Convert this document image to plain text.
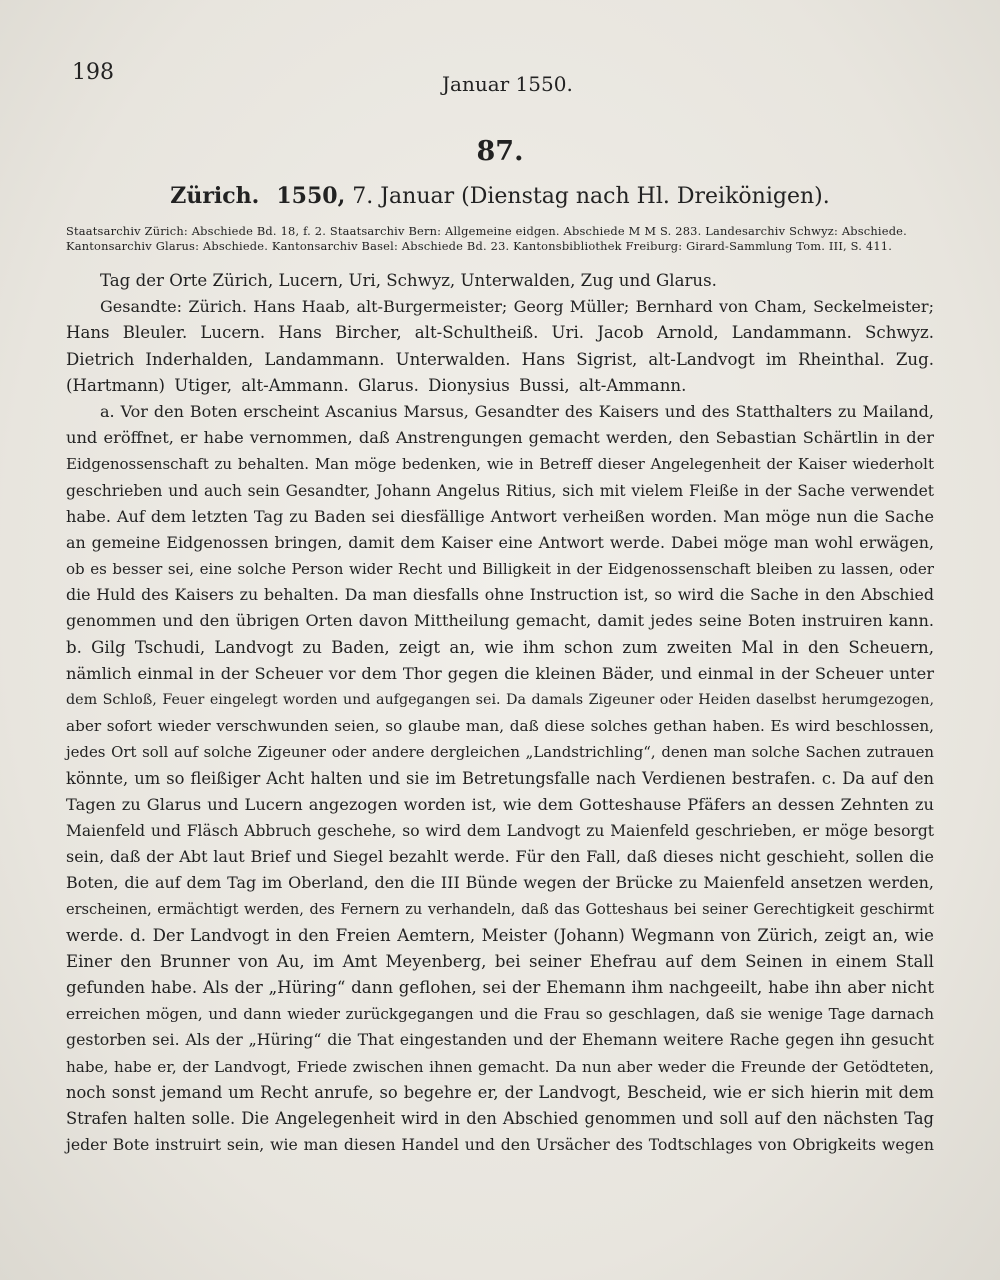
198	Januar 1550.
87.
Zürich. 1550, 7. Januar (Dienstag nach Hl. Dreikönigen).

Staatsarchiv Zürich: Abschiede Bd. 18, f. 2. Staatsarchiv Bern: Allgemeine eidgen. Abschiede M M S. 283. Landesarchiv Schwyz: Abschiede.

Kantonsarchiv Glarus: Abschiede. Kantonsarchiv Basel: Abschiede Bd. 23. Kantonsbibliothek Freiburg: Girard-Sammlung Tom. III, S. 411.

Tag der Orte Zürich, Lucern, Uri, Schwyz, Unterwalden, Zug und Glarus.

Gesandte: Zürich. Hans Haab, alt-Burgermeister; Georg Müller; Bernhard von Cham, Seckelmeister;

Hans Bleuler. Lucern. Hans Bircher, alt-Schultheiß. Uri. Jacob Arnold, Landammann. Schwyz.

Dietrich Inderhalden, Landammann. Unterwalden. Hans Sigrist, alt-Landvogt im Rheinthal. Zug.

(Hartmann) Utiger, alt-Ammann. Glarus. Dionysius Bussi, alt-Ammann.

a. Vor den Boten erscheint Ascanius Marsus, Gesandter des Kaisers und des Statthalters zu Mailand,

und eröffnet, er habe vernommen, daß Anstrengungen gemacht werden, den Sebastian Schärtlin in der

Eidgenossenschaft zu behalten. Man möge bedenken, wie in Betreff dieser Angelegenheit der Kaiser wiederholt

geschrieben und auch sein Gesandter, Johann Angelus Ritius, sich mit vielem Fleiße in der Sache verwendet

habe. Auf dem letzten Tag zu Baden sei diesfällige Antwort verheißen worden. Man möge nun die Sache

an gemeine Eidgenossen bringen, damit dem Kaiser eine Antwort werde. Dabei möge man wohl erwägen,

ob es besser sei, eine solche Person wider Recht und Billigkeit in der Eidgenossenschaft bleiben zu lassen, oder

die Huld des Kaisers zu behalten. Da man diesfalls ohne Instruction ist, so wird die Sache in den Abschied

genommen und den übrigen Orten davon Mittheilung gemacht, damit jedes seine Boten instruiren kann.

b. Gilg Tschudi, Landvogt zu Baden, zeigt an, wie ihm schon zum zweiten Mal in den Scheuern,

nämlich einmal in der Scheuer vor dem Thor gegen die kleinen Bäder, und einmal in der Scheuer unter

dem Schloß, Feuer eingelegt worden und aufgegangen sei. Da damals Zigeuner oder Heiden daselbst herumgezogen,

aber sofort wieder verschwunden seien, so glaube man, daß diese solches gethan haben. Es wird beschlossen,

jedes Ort soll auf solche Zigeuner oder andere dergleichen „Landstrichling“, denen man solche Sachen zutrauen

könnte, um so fleißiger Acht halten und sie im Betretungsfalle nach Verdienen bestrafen. c. Da auf den

Tagen zu Glarus und Lucern angezogen worden ist, wie dem Gotteshause Pfäfers an dessen Zehnten zu

Maienfeld und Fläsch Abbruch geschehe, so wird dem Landvogt zu Maienfeld geschrieben, er möge besorgt

sein, daß der Abt laut Brief und Siegel bezahlt werde. Für den Fall, daß dieses nicht geschieht, sollen die

Boten, die auf dem Tag im Oberland, den die III Bünde wegen der Brücke zu Maienfeld ansetzen werden,

erscheinen, ermächtigt werden, des Fernern zu verhandeln, daß das Gotteshaus bei seiner Gerechtigkeit geschirmt

werde. d. Der Landvogt in den Freien Aemtern, Meister (Johann) Wegmann von Zürich, zeigt an, wie

Einer den Brunner von Au, im Amt Meyenberg, bei seiner Ehefrau auf dem Seinen in einem Stall

gefunden habe. Als der „Hüring“ dann geflohen, sei der Ehemann ihm nachgeeilt, habe ihn aber nicht

erreichen mögen, und dann wieder zurückgegangen und die Frau so geschlagen, daß sie wenige Tage darnach

gestorben sei. Als der „Hüring“ die That eingestanden und der Ehemann weitere Rache gegen ihn gesucht

habe, habe er, der Landvogt, Friede zwischen ihnen gemacht. Da nun aber weder die Freunde der Getödteten,

noch sonst jemand um Recht anrufe, so begehre er, der Landvogt, Bescheid, wie er sich hierin mit dem

Strafen halten solle. Die Angelegenheit wird in den Abschied genommen und soll auf den nächsten Tag

jeder Bote instruirt sein, wie man diesen Handel und den Ursächer des Todtschlages von Obrigkeits wegen
